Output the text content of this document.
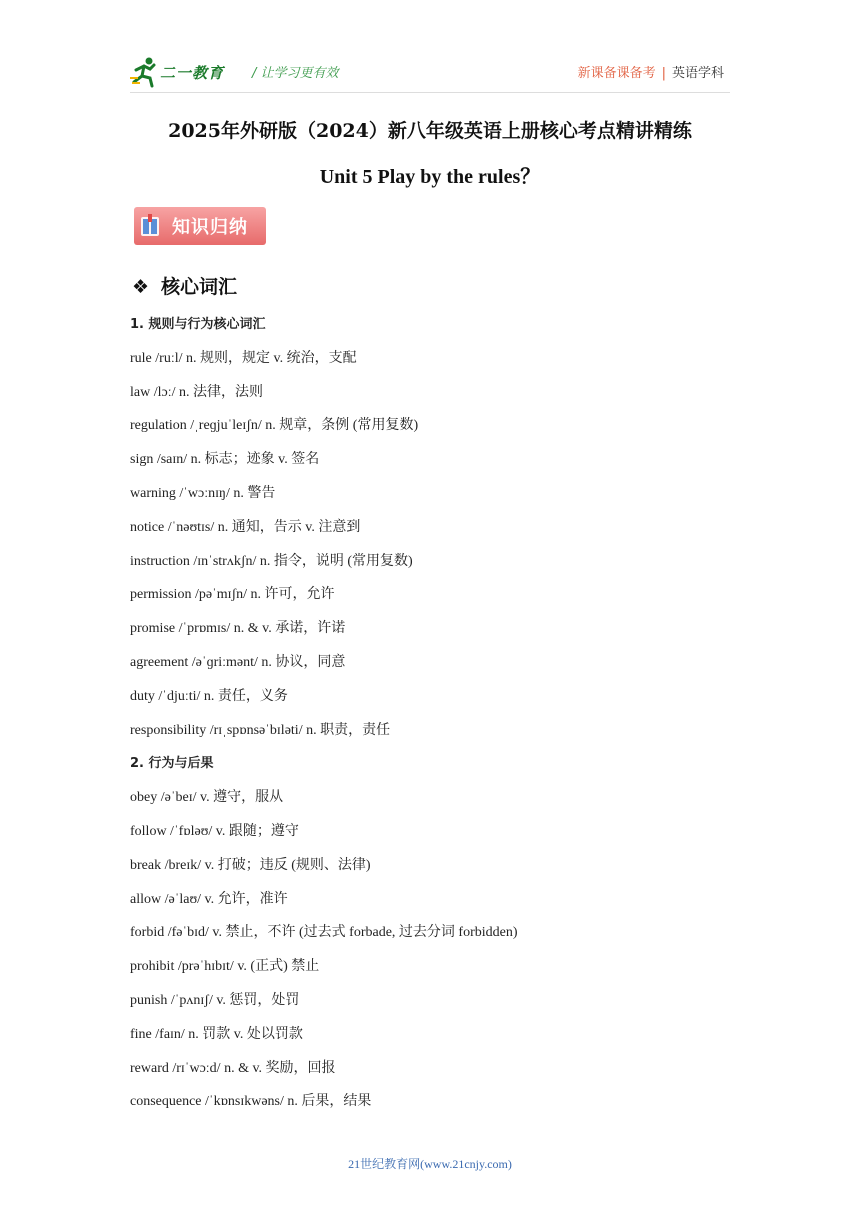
二一教育 / 让学习更有效	新课备课备考 | 英语学科
2025年外研版（2024）新八年级英语上册核心考点精讲精练
Unit 5 Play by the rules？
知识归纳
❖ 核心词汇
1. 规则与行为核心词汇
rule /ruːl/ n. 规则，规定 v. 统治，支配
law /lɔː/ n. 法律，法则
regulation /ˌreɡjuˈleɪʃn/ n. 规章，条例 (常用复数)
sign /saɪn/ n. 标志；迹象 v. 签名
warning /ˈwɔːnɪŋ/ n. 警告
notice /ˈnəʊtɪs/ n. 通知，告示 v. 注意到
instruction /ɪnˈstrʌkʃn/ n. 指令，说明 (常用复数)
permission /pəˈmɪʃn/ n. 许可，允许
promise /ˈprɒmɪs/ n. & v. 承诺，许诺
agreement /əˈɡriːmənt/ n. 协议，同意
duty /ˈdjuːti/ n. 责任，义务
responsibility /rɪˌspɒnsəˈbɪləti/ n. 职责，责任
2. 行为与后果
obey /əˈbeɪ/ v. 遵守，服从
follow /ˈfɒləʊ/ v. 跟随；遵守
break /breɪk/ v. 打破；违反 (规则、法律)
allow /əˈlaʊ/ v. 允许，准许
forbid /fəˈbɪd/ v. 禁止，不许 (过去式 forbade, 过去分词 forbidden)
prohibit /prəˈhɪbɪt/ v. (正式) 禁止
punish /ˈpʌnɪʃ/ v. 惩罚，处罚
fine /faɪn/ n. 罚款 v. 处以罚款
reward /rɪˈwɔːd/ n. & v. 奖励，回报
consequence /ˈkɒnsɪkwəns/ n. 后果，结果
21世纪教育网(www.21cnjy.com)
